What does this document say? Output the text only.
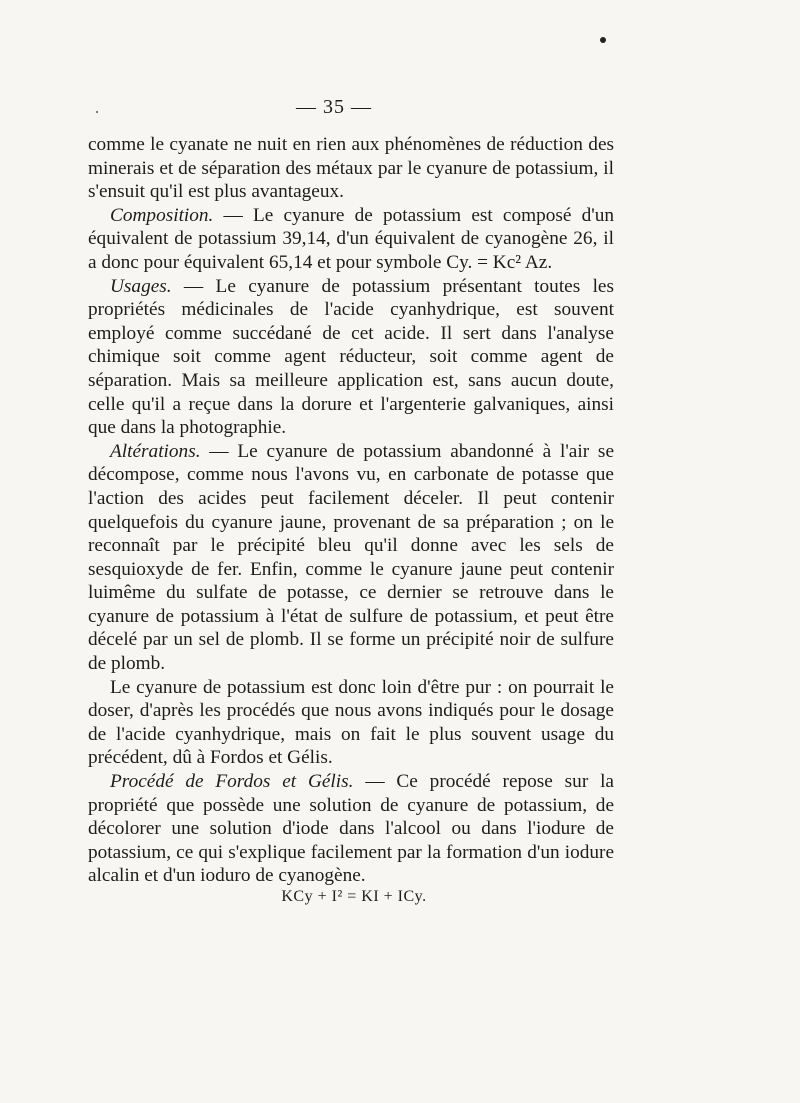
— 35 —

comme le cyanate ne nuit en rien aux phénomènes de réduction des minerais et de séparation des métaux par le cyanure de potassium, il s'ensuit qu'il est plus avantageux.

Composition. — Le cyanure de potassium est composé d'un équivalent de potassium 39,14, d'un équivalent de cyanogène 26, il a donc pour équivalent 65,14 et pour symbole Cy. = Kc² Az.

Usages. — Le cyanure de potassium présentant toutes les propriétés médicinales de l'acide cyanhydrique, est souvent employé comme succédané de cet acide. Il sert dans l'analyse chimique soit comme agent réducteur, soit comme agent de séparation. Mais sa meilleure application est, sans aucun doute, celle qu'il a reçue dans la dorure et l'argenterie galvaniques, ainsi que dans la photographie.

Altérations. — Le cyanure de potassium abandonné à l'air se décompose, comme nous l'avons vu, en carbonate de potasse que l'action des acides peut facilement déceler. Il peut contenir quelquefois du cyanure jaune, provenant de sa préparation ; on le reconnaît par le précipité bleu qu'il donne avec les sels de sesquioxyde de fer. Enfin, comme le cyanure jaune peut contenir luimême du sulfate de potasse, ce dernier se retrouve dans le cyanure de potassium à l'état de sulfure de potassium, et peut être décelé par un sel de plomb. Il se forme un précipité noir de sulfure de plomb.

Le cyanure de potassium est donc loin d'être pur : on pourrait le doser, d'après les procédés que nous avons indiqués pour le dosage de l'acide cyanhydrique, mais on fait le plus souvent usage du précédent, dû à Fordos et Gélis.

Procédé de Fordos et Gélis. — Ce procédé repose sur la propriété que possède une solution de cyanure de potassium, de décolorer une solution d'iode dans l'alcool ou dans l'iodure de potassium, ce qui s'explique facilement par la formation d'un iodure alcalin et d'un ioduro de cyanogène.

KCy + I² = KI + ICy.
